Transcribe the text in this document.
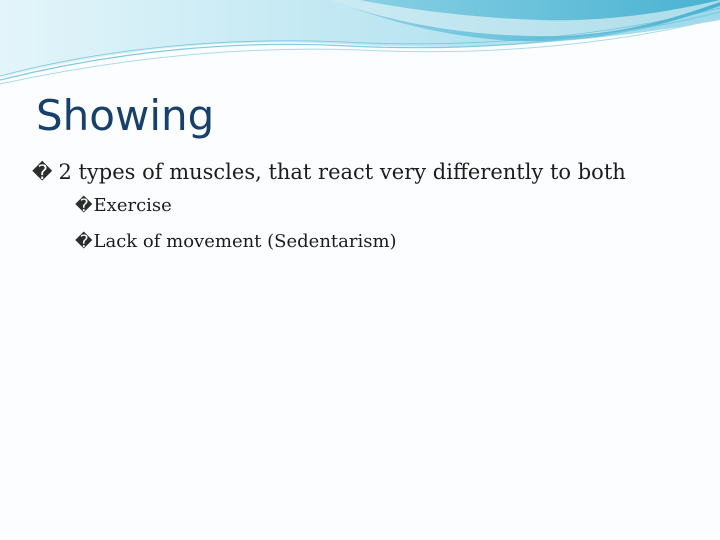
Showing
� 2 types of muscles, that react very differently to both
� Exercise
� Lack of movement (Sedentarism)
